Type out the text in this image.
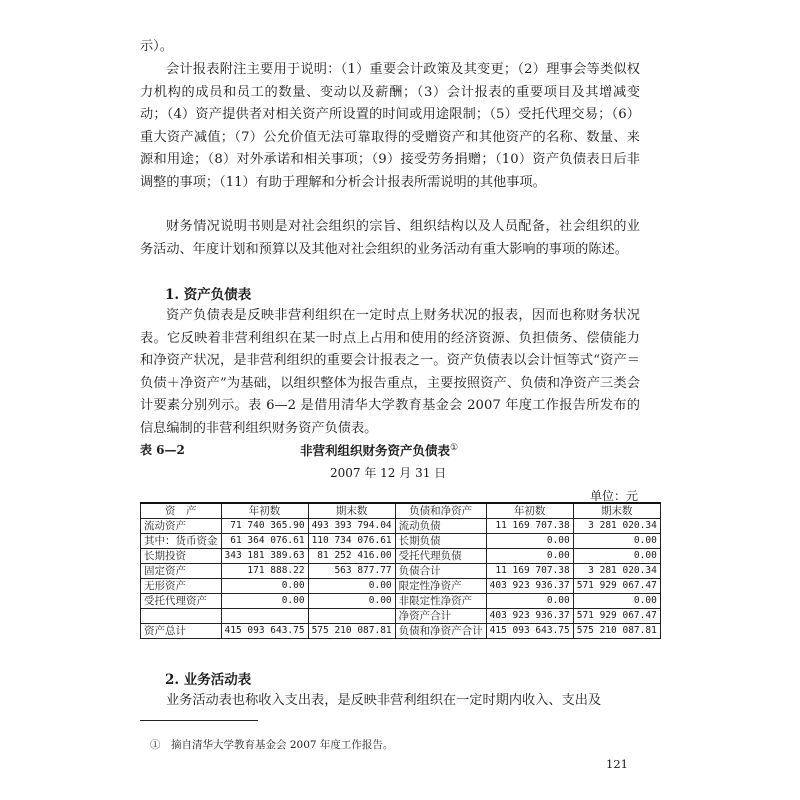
示）。

会计报表附注主要用于说明：（1）重要会计政策及其变更；（2）理事会等类似权力机构的成员和员工的数量、变动以及薪酬；（3）会计报表的重要项目及其增减变动；（4）资产提供者对相关资产所设置的时间或用途限制；（5）受托代理交易；（6）重大资产减值；（7）公允价值无法可靠取得的受赠资产和其他资产的名称、数量、来源和用途；（8）对外承诺和相关事项；（9）接受劳务捐赠；（10）资产负债表日后非调整的事项；（11）有助于理解和分析会计报表所需说明的其他事项。

财务情况说明书则是对社会组织的宗旨、组织结构以及人员配备，社会组织的业务活动、年度计划和预算以及其他对社会组织的业务活动有重大影响的事项的陈述。

1. 资产负债表

资产负债表是反映非营利组织在一定时点上财务状况的报表，因而也称财务状况表。它反映着非营利组织在某一时点上占用和使用的经济资源、负担债务、偿债能力和净资产状况，是非营利组织的重要会计报表之一。资产负债表以会计恒等式“资产＝负债＋净资产”为基础，以组织整体为报告重点，主要按照资产、负债和净资产三类会计要素分别列示。表 6—2 是借用清华大学教育基金会 2007 年度工作报告所发布的信息编制的非营利组织财务资产负债表。

表 6—2	非营利组织财务资产负债表①
2007 年 12 月 31 日
单位：元
资　产	年初数	期末数	负债和净资产	年初数	期末数
流动资产	71 740 365.90	493 393 794.04	流动负债	11 169 707.38	3 281 020.34
其中：货币资金	61 364 076.61	110 734 076.61	长期负债	0.00	0.00
长期投资	343 181 389.63	81 252 416.00	受托代理负债	0.00	0.00
固定资产	171 888.22	563 877.77	负债合计	11 169 707.38	3 281 020.34
无形资产	0.00	0.00	限定性净资产	403 923 936.37	571 929 067.47
受托代理资产	0.00	0.00	非限定性净资产	0.00	0.00
			净资产合计	403 923 936.37	571 929 067.47
资产总计	415 093 643.75	575 210 087.81	负债和净资产合计	415 093 643.75	575 210 087.81

2. 业务活动表

业务活动表也称收入支出表，是反映非营利组织在一定时期内收入、支出及

①　摘自清华大学教育基金会 2007 年度工作报告。
121
